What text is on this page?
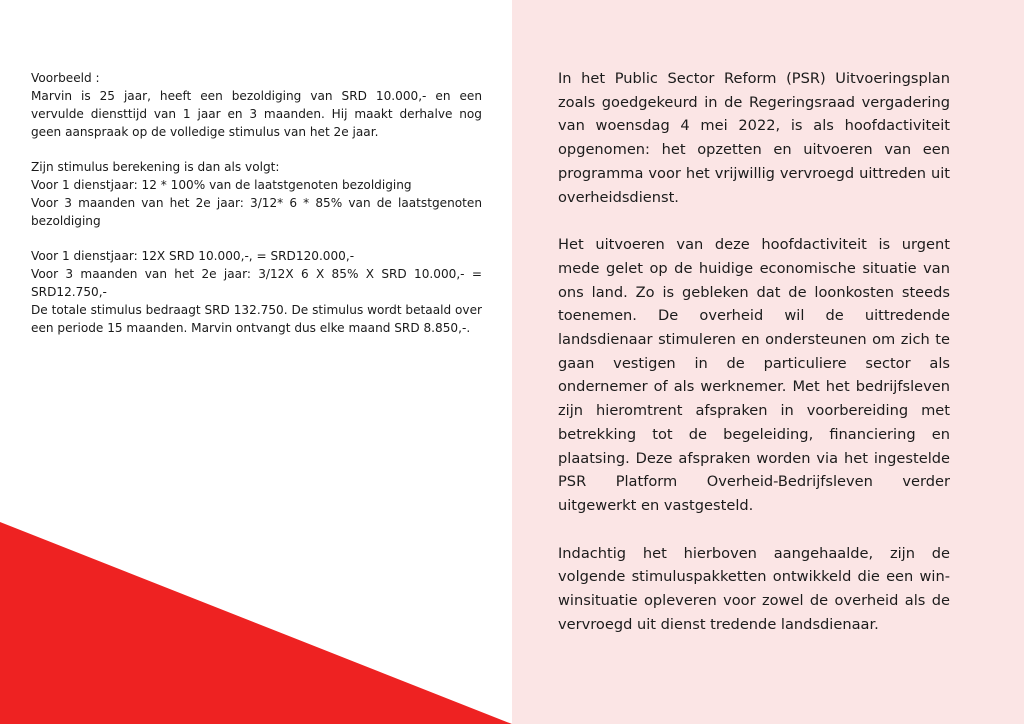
Voorbeeld :

Marvin is 25 jaar, heeft een bezoldiging van SRD 10.000,- en een vervulde diensttijd van 1 jaar en 3 maanden. Hij maakt derhalve nog geen aanspraak op de volledige stimulus van het 2e jaar.

Zijn stimulus berekening is dan als volgt:

Voor 1 dienstjaar: 12 * 100% van de laatstgenoten bezoldiging

Voor 3 maanden van het 2e jaar: 3/12* 6 * 85% van de laatstgenoten bezoldiging

Voor 1 dienstjaar: 12X SRD 10.000,-, = SRD120.000,-

Voor 3 maanden van het 2e jaar: 3/12X 6 X 85% X SRD 10.000,- = SRD12.750,-

De totale stimulus bedraagt SRD 132.750. De stimulus wordt betaald over een periode 15 maanden. Marvin ontvangt dus elke maand SRD 8.850,-.

In het Public Sector Reform (PSR) Uitvoeringsplan zoals goedgekeurd in de Regeringsraad vergadering van woensdag 4 mei 2022, is als hoofdactiviteit opgenomen: het opzetten en uitvoeren van een programma voor het vrijwillig vervroegd uittreden uit overheidsdienst.

Het uitvoeren van deze hoofdactiviteit is urgent mede gelet op de huidige economische situatie van ons land. Zo is gebleken dat de loonkosten steeds toenemen. De overheid wil de uittredende landsdienaar stimuleren en ondersteunen om zich te gaan vestigen in de particuliere sector als ondernemer of als werknemer. Met het bedrijfsleven zijn hieromtrent afspraken in voorbereiding met betrekking tot de begeleiding, financiering en plaatsing. Deze afspraken worden via het ingestelde PSR Platform Overheid-Bedrijfsleven verder uitgewerkt en vastgesteld.

Indachtig het hierboven aangehaalde, zijn de volgende stimuluspakketten ontwikkeld die een win-winsituatie opleveren voor zowel de overheid als de vervroegd uit dienst tredende landsdienaar.
